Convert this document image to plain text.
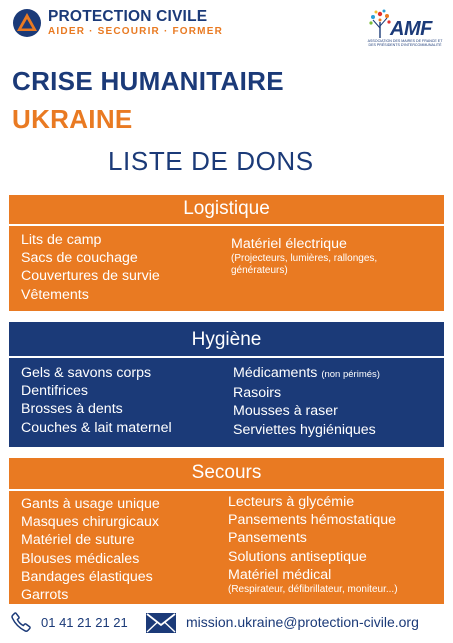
PROTECTION CIVILE
AIDER · SECOURIR · FORMER	AMF
ASSOCIATION DES MAIRES DE FRANCE ET DES PRÉSIDENTS D'INTERCOMMUNALITÉ
CRISE HUMANITAIRE
UKRAINE
LISTE DE DONS
Logistique
Lits de camp
Sacs de couchage
Couvertures de survie
Vêtements
Matériel électrique
(Projecteurs, lumières, rallonges,
générateurs)
Hygiène
Gels & savons corps
Dentifrices
Brosses à dents
Couches & lait maternel
Médicaments (non périmés)
Rasoirs
Mousses à raser
Serviettes hygiéniques
Secours
Gants à usage unique
Masques chirurgicaux
Matériel de suture
Blouses médicales
Bandages élastiques
Garrots
Lecteurs à glycémie
Pansements hémostatique
Pansements
Solutions antiseptique
Matériel médical
(Respirateur, défibrillateur, moniteur...)
01 41 21 21 21	mission.ukraine@protection-civile.org
